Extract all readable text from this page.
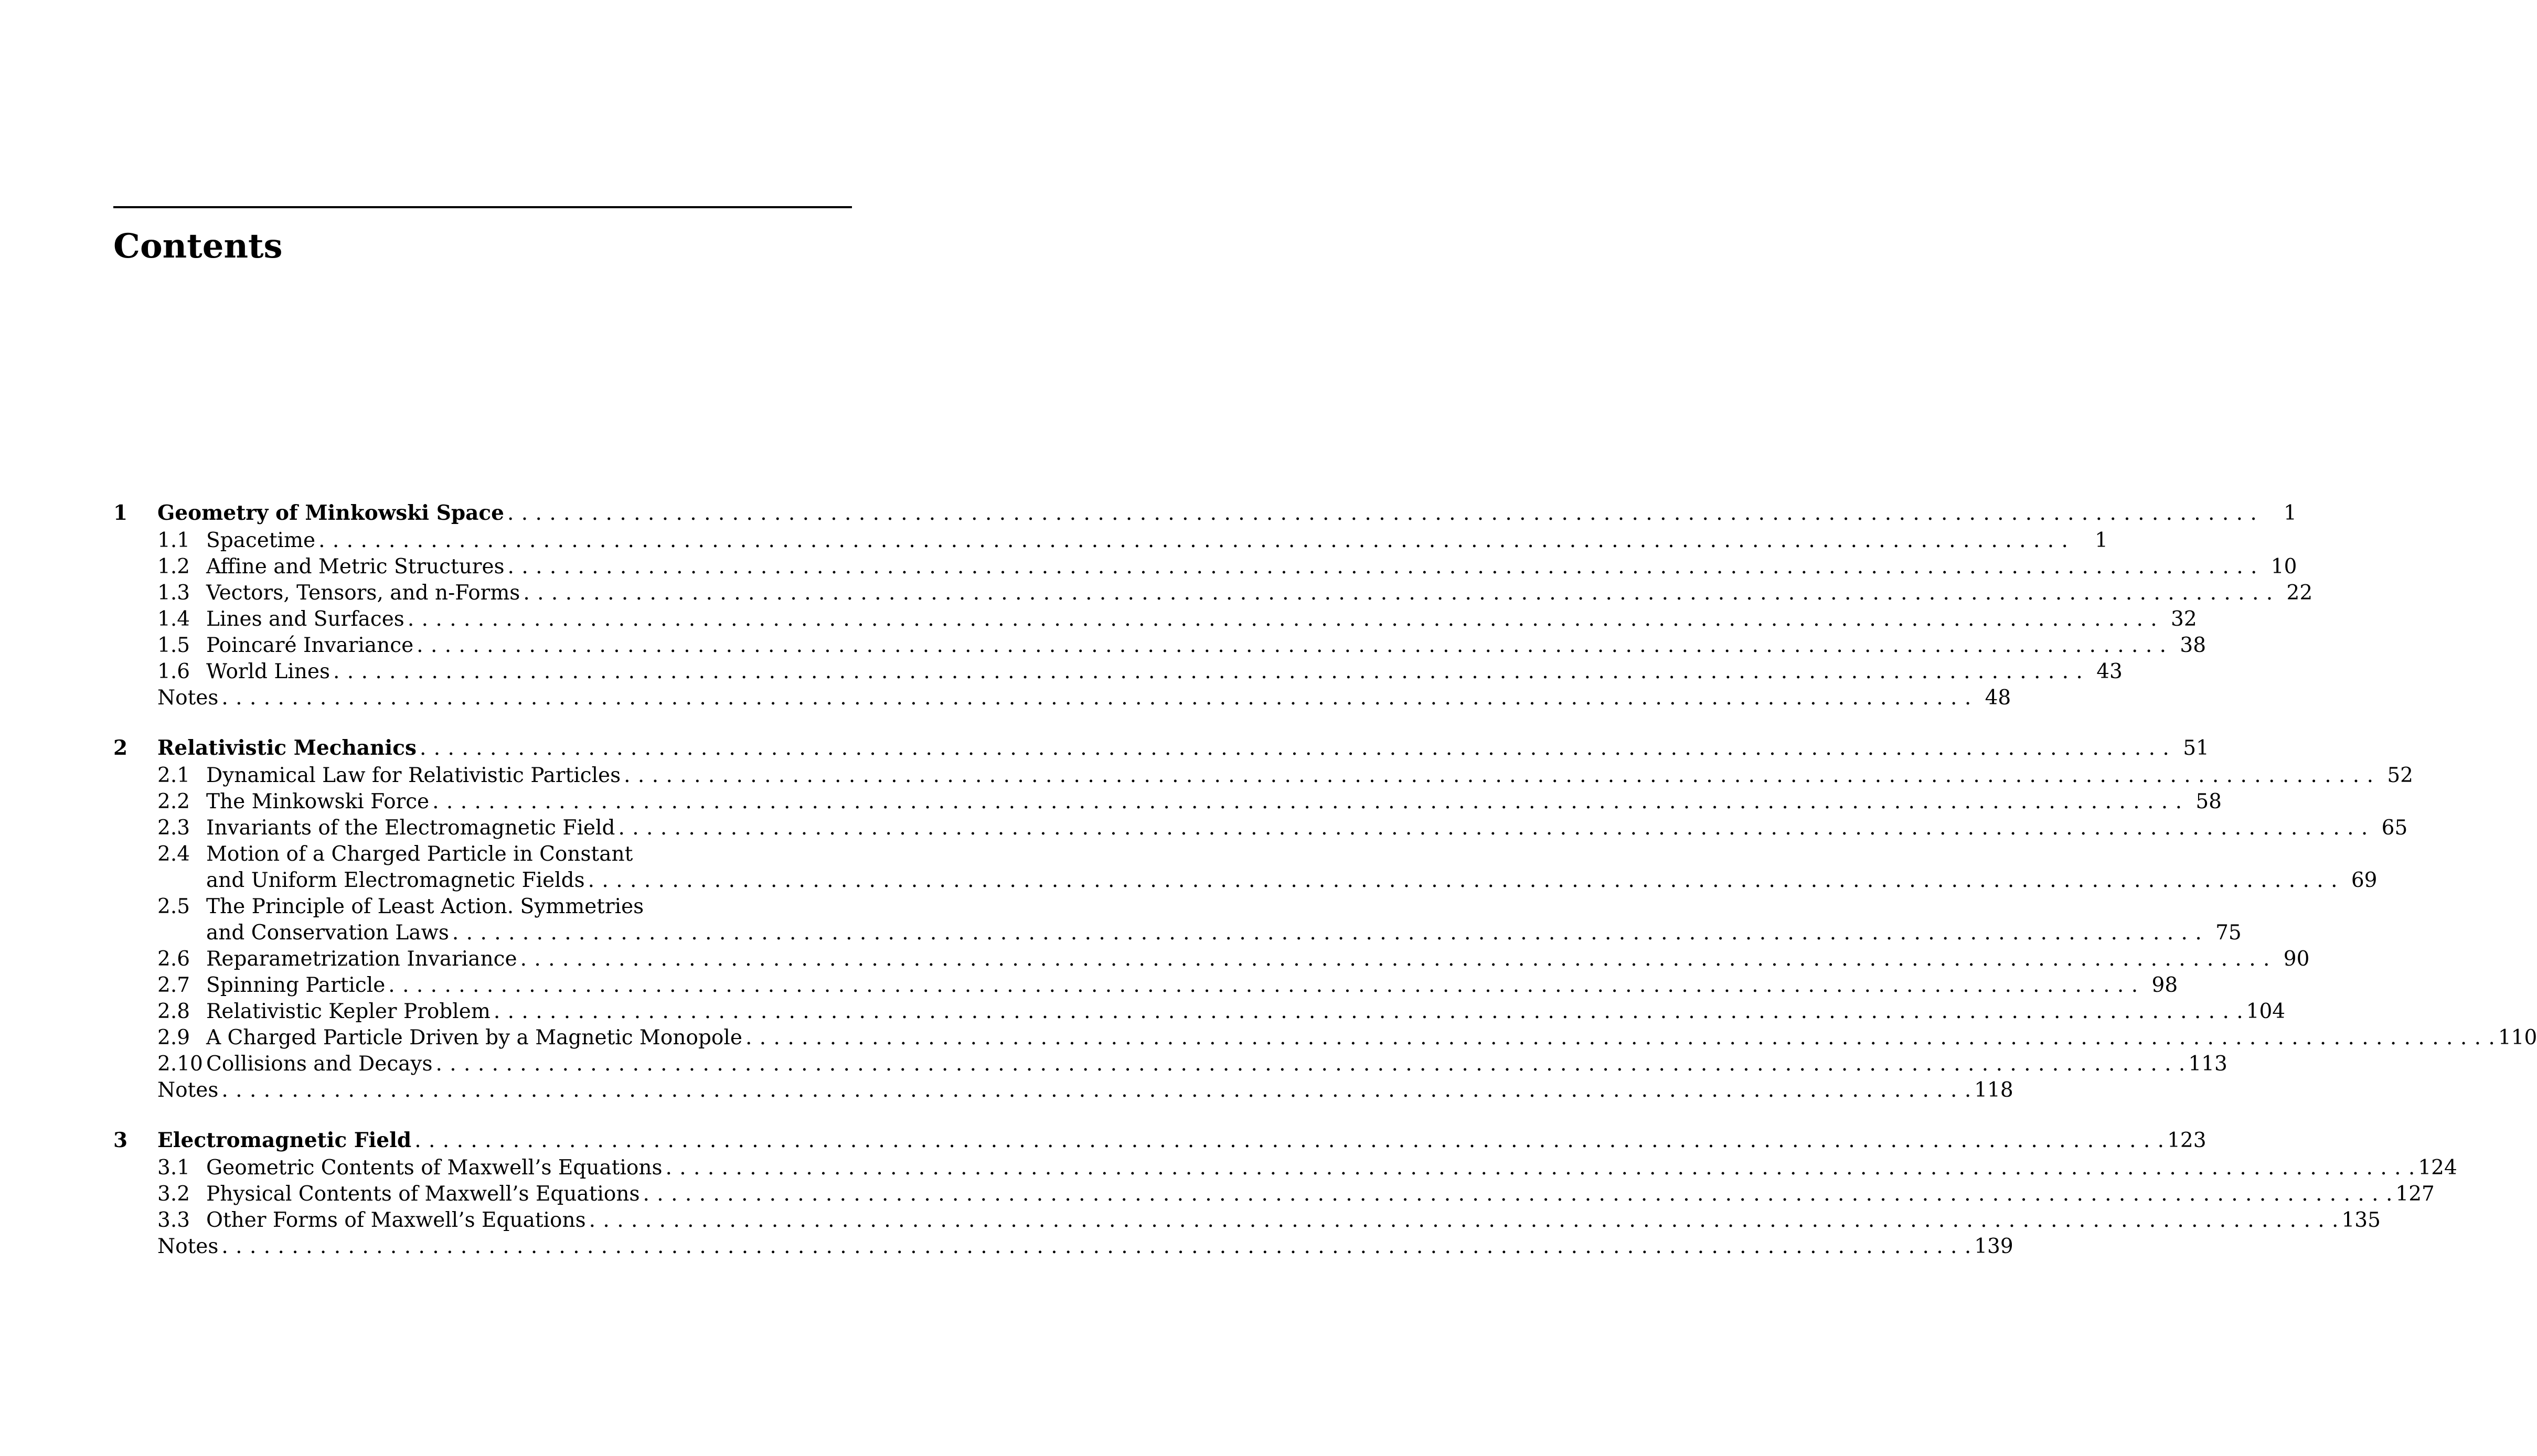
Contents
1	Geometry of Minkowski Space . . .	1
1.1 Spacetime . . .	1
1.2 Affine and Metric Structures . . .	10
1.3 Vectors, Tensors, and n-Forms . . .	22
1.4 Lines and Surfaces . . .	32
1.5 Poincaré Invariance . . .	38
1.6 World Lines . . .	43
Notes . . .	48
2	Relativistic Mechanics . . .	51
2.1 Dynamical Law for Relativistic Particles . . .	52
2.2 The Minkowski Force . . .	58
2.3 Invariants of the Electromagnetic Field . . .	65
2.4 Motion of a Charged Particle in Constant
and Uniform Electromagnetic Fields . . .	69
2.5 The Principle of Least Action. Symmetries
and Conservation Laws . . .	75
2.6 Reparametrization Invariance . . .	90
2.7 Spinning Particle . . .	98
2.8 Relativistic Kepler Problem . . .	104
2.9 A Charged Particle Driven by a Magnetic Monopole . . .	110
2.10 Collisions and Decays . . .	113
Notes . . .	118
3	Electromagnetic Field . . .	123
3.1 Geometric Contents of Maxwell’s Equations . . .	124
3.2 Physical Contents of Maxwell’s Equations . . .	127
3.3 Other Forms of Maxwell’s Equations . . .	135
Notes . . .	139
